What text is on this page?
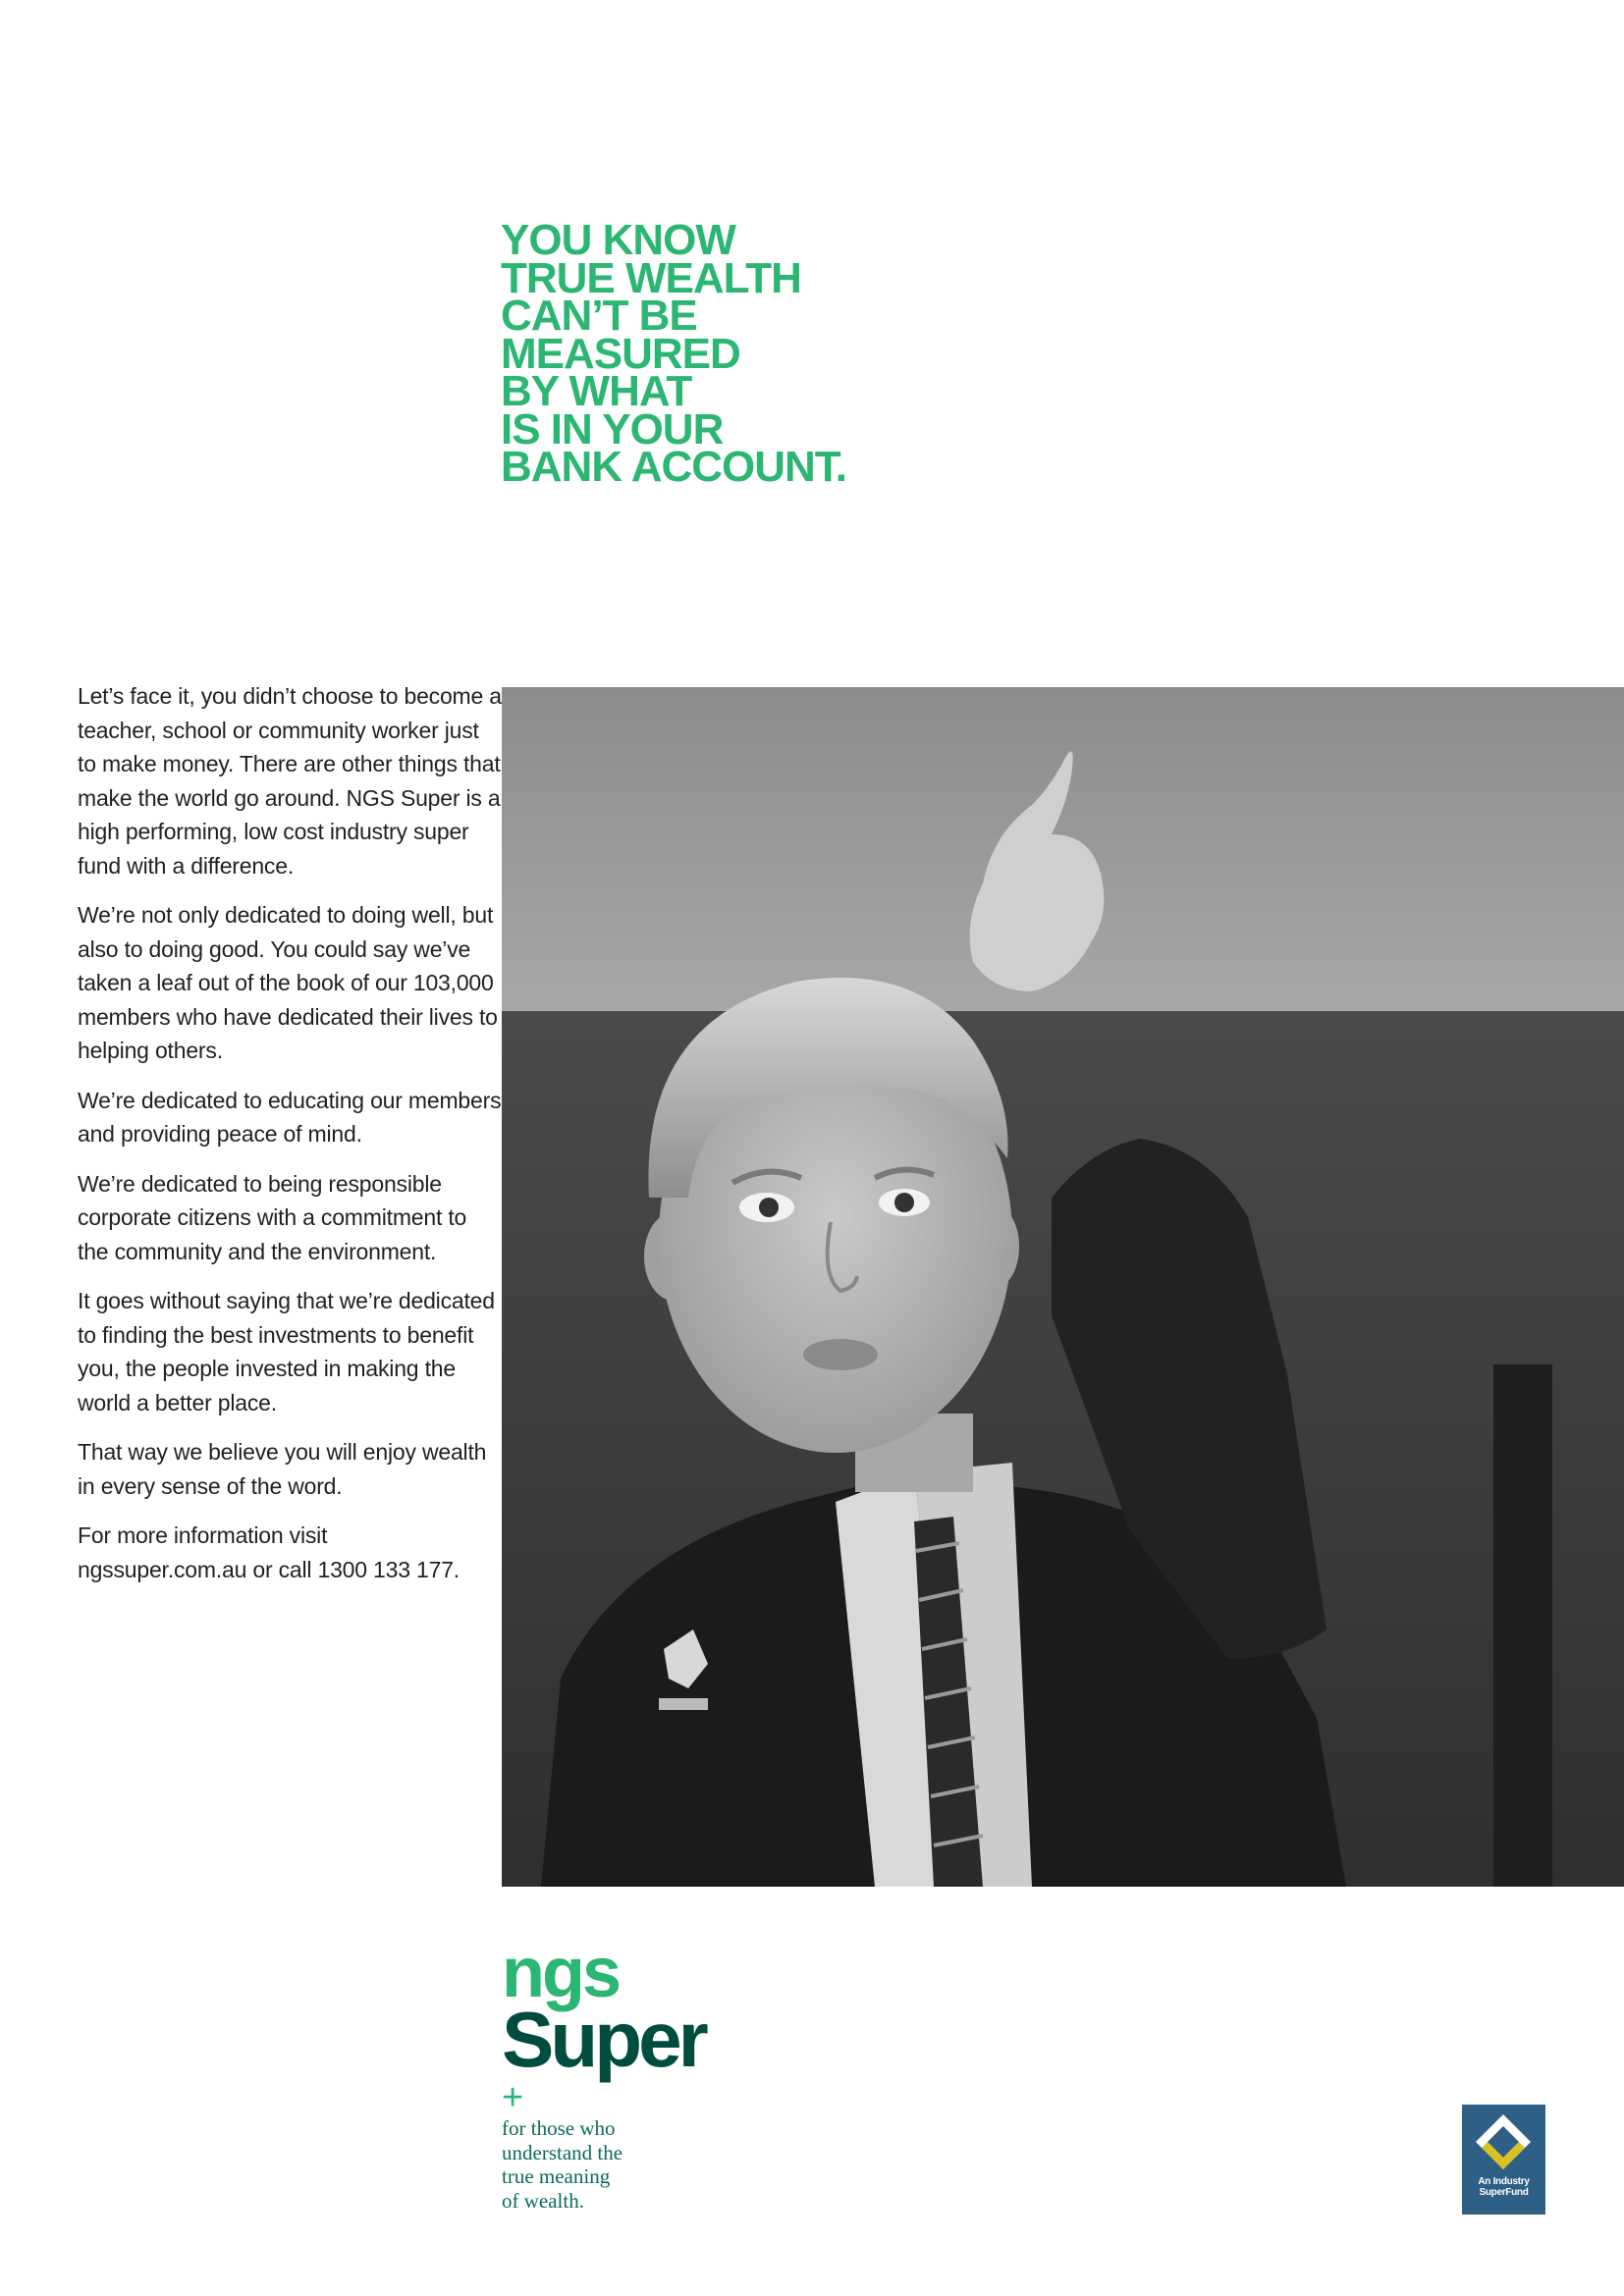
YOU KNOW
TRUE WEALTH
CAN’T BE
MEASURED
BY WHAT
IS IN YOUR
BANK ACCOUNT.

Let’s face it, you didn’t choose to become a teacher, school or community worker just to make money. There are other things that make the world go around. NGS Super is a high performing, low cost industry super fund with a difference.

We’re not only dedicated to doing well, but also to doing good. You could say we’ve taken a leaf out of the book of our 103,000 members who have dedicated their lives to helping others.

We’re dedicated to educating our members and providing peace of mind.

We’re dedicated to being responsible corporate citizens with a commitment to the community and the environment.

It goes without saying that we’re dedicated to finding the best investments to benefit you, the people invested in making the world a better place.

That way we believe you will enjoy wealth in every sense of the word.

For more information visit ngssuper.com.au or call 1300 133 177.

ngs
Super
+
for those who
understand the
true meaning
of wealth.
An Industry
SuperFund
